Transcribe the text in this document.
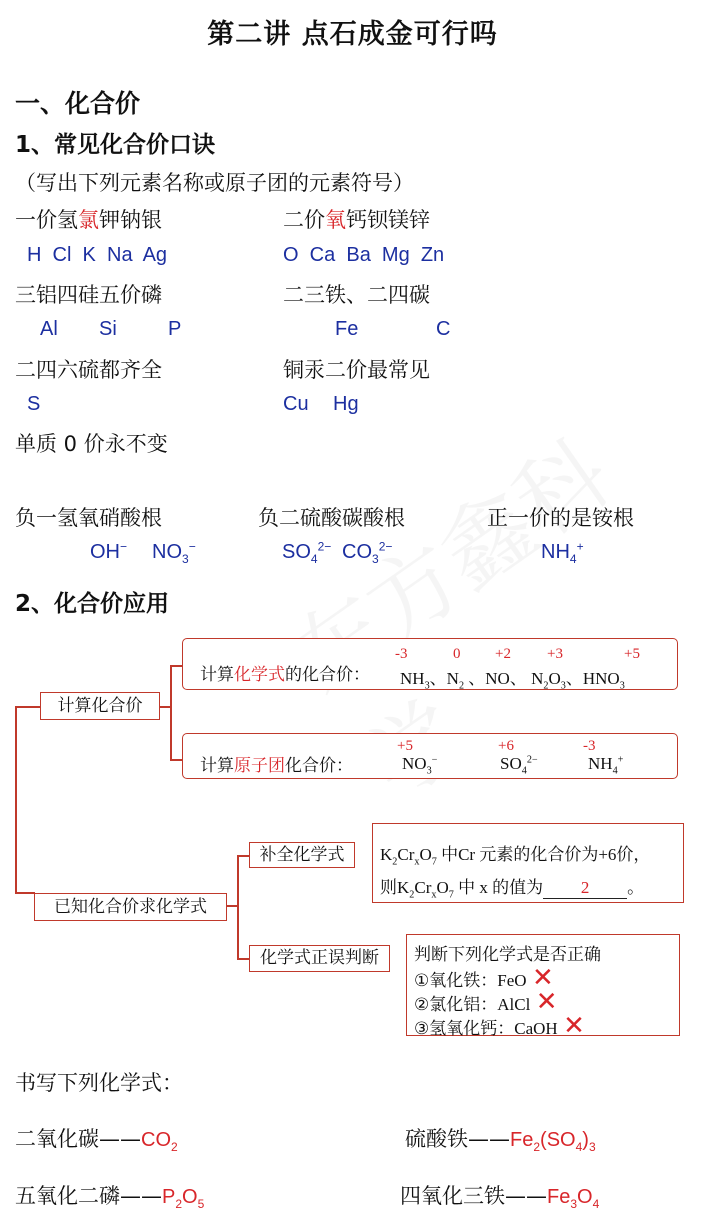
第二讲 点石成金可行吗
一、化合价
1、常见化合价口诀
（写出下列元素名称或原子团的元素符号）
一价氢氯钾钠银	二价氧钙钡镁锌
H  Cl  K  Na  Ag	O  Ca  Ba  Mg  Zn
三铝四硅五价磷	二三铁、二四碳
Al Si	P	Fe	C
二四六硫都齐全	铜汞二价最常见
S	Cu Hg
单质 0 价永不变
负一氢氧硝酸根	负二硫酸碳酸根	正一价的是铵根
OH− $NO_3^-$	$SO_4^{2-}$ $CO_3^{2-}$	$NH_4^+$
2、化合价应用
计算化合价
计算化学式的化合价： $NH_3$、$N_2$ 、NO、 $N_2O_3$、$HNO_3$
-3	0 +2 +3	+5
计算原子团化合价：	$NO_3^-$	$SO_4^{2-}$	$NH_4^+$
+5	+6	-3
已知化合价求化学式
补全化学式	$K_2Cr_xO_7$ 中Cr 元素的化合价为+6价，
则$K_2Cr_xO_7$ 中 x 的值为 2 。
化学式正误判断	判断下列化学式是否正确
①氧化铁：FeO ✕
②氯化铝：AlCl ✕
③氢氧化钙：CaOH ✕
书写下列化学式：
二氧化碳$——CO_2$	硫酸铁$——Fe_2(SO_4)_3$
五氧化二磷$——P_2O_5$	四氧化三铁$——Fe_3O_4$
